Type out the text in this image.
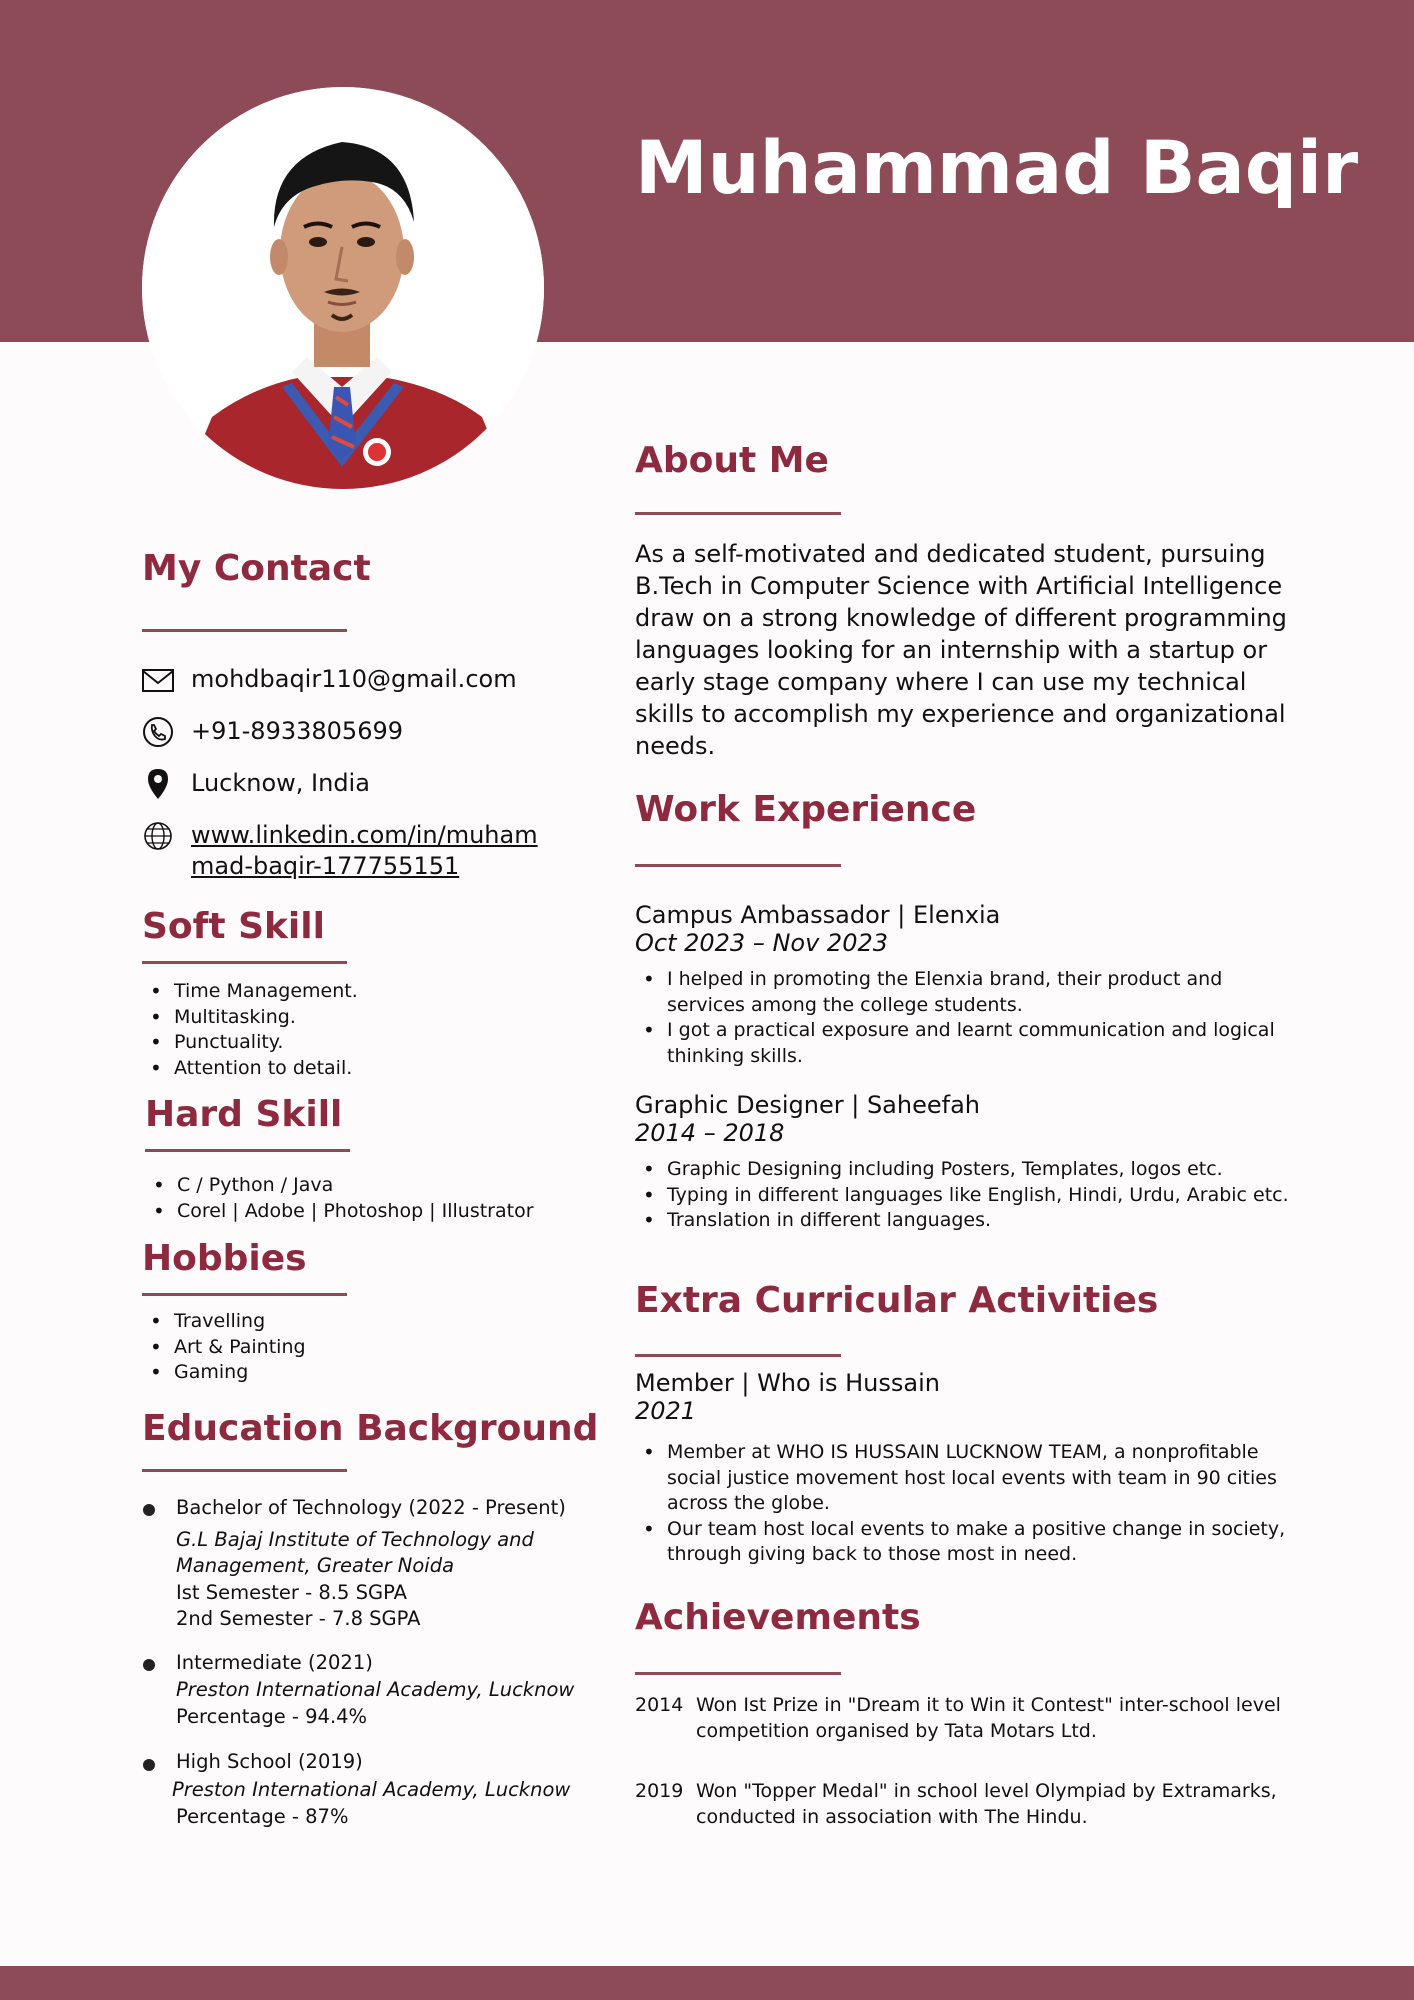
Muhammad Baqir
My Contact
mohdbaqir110@gmail.com
+91-8933805699
Lucknow, India
www.linkedin.com/in/muham
mad-baqir-177755151
Soft Skill
• Time Management.
• Multitasking.
• Punctuality.
• Attention to detail.
Hard Skill
• C / Python / Java
• Corel | Adobe | Photoshop | Illustrator
Hobbies
• Travelling
• Art & Painting
• Gaming
Education Background
Bachelor of Technology (2022 - Present)
G.L Bajaj Institute of Technology and
Management, Greater Noida
Ist Semester - 8.5 SGPA
2nd Semester - 7.8 SGPA
Intermediate (2021)
Preston International Academy, Lucknow
Percentage - 94.4%
High School (2019)
Preston International Academy, Lucknow
Percentage - 87%
About Me
As a self-motivated and dedicated student, pursuing B.Tech in Computer Science with Artificial Intelligence draw on a strong knowledge of different programming languages looking for an internship with a startup or early stage company where I can use my technical skills to accomplish my experience and organizational needs.
Work Experience
Campus Ambassador | Elenxia
Oct 2023 – Nov 2023
• I helped in promoting the Elenxia brand, their product and
services among the college students.
• I got a practical exposure and learnt communication and logical
thinking skills.
Graphic Designer | Saheefah
2014 – 2018
• Graphic Designing including Posters, Templates, logos etc.
• Typing in different languages like English, Hindi, Urdu, Arabic etc.
• Translation in different languages.
Extra Curricular Activities
Member | Who is Hussain
2021
• Member at WHO IS HUSSAIN LUCKNOW TEAM, a nonprofitable
social justice movement host local events with team in 90 cities
across the globe.
• Our team host local events to make a positive change in society,
through giving back to those most in need.
Achievements
2014 Won Ist Prize in "Dream it to Win it Contest" inter-school level
competition organised by Tata Motars Ltd.
2019 Won "Topper Medal" in school level Olympiad by Extramarks,
conducted in association with The Hindu.
